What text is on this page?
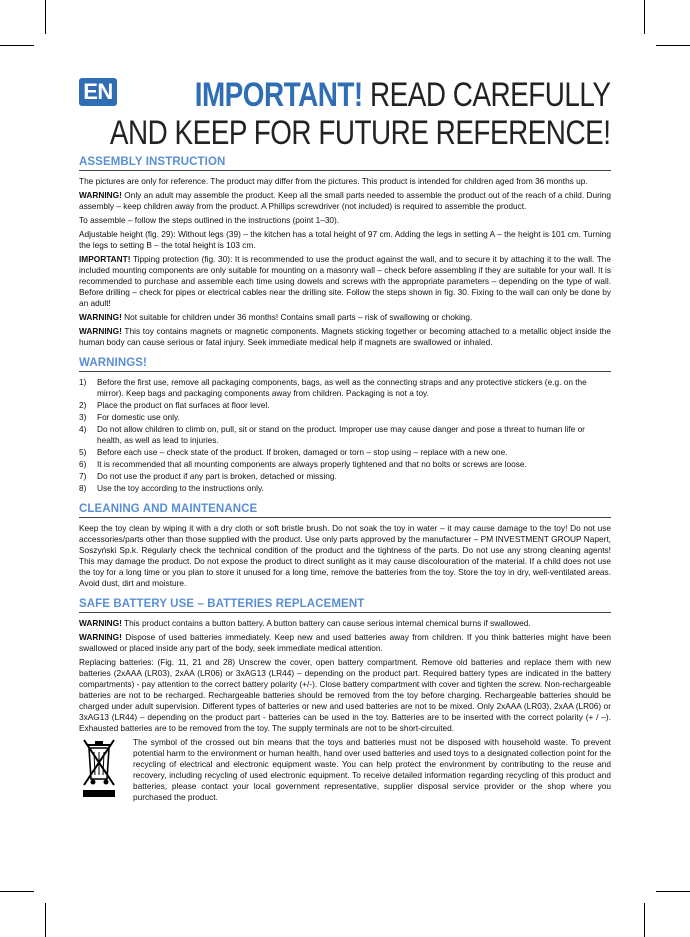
EN	IMPORTANT! READ CAREFULLY
AND KEEP FOR FUTURE REFERENCE!
ASSEMBLY INSTRUCTION

The pictures are only for reference. The product may differ from the pictures. This product is intended for children aged from 36 months up.

WARNING! Only an adult may assemble the product. Keep all the small parts needed to assemble the product out of the reach of a child. During assembly – keep children away from the product. A Phillips screwdriver (not included) is required to assemble the product.

To assemble – follow the steps outlined in the instructions (point 1–30).

Adjustable height (fig. 29): Without legs (39) – the kitchen has a total height of 97 cm. Adding the legs in setting A – the height is 101 cm. Turning the legs to setting B – the total height is 103 cm.

IMPORTANT! Tipping protection (fig. 30): It is recommended to use the product against the wall, and to secure it by attaching it to the wall. The included mounting components are only suitable for mounting on a masonry wall – check before assembling if they are suitable for your wall. It is recommended to purchase and assemble each time using dowels and screws with the appropriate parameters – depending on the type of wall. Before drilling – check for pipes or electrical cables near the drilling site. Follow the steps shown in fig. 30. Fixing to the wall can only be done by an adult!

WARNING! Not suitable for children under 36 months! Contains small parts – risk of swallowing or choking.

WARNING! This toy contains magnets or magnetic components. Magnets sticking together or becoming attached to a metallic object inside the human body can cause serious or fatal injury. Seek immediate medical help if magnets are swallowed or inhaled.

WARNINGS!
1)	Before the first use, remove all packaging components, bags, as well as the connecting straps and any protective stickers (e.g. on the mirror). Keep bags and packaging components away from children. Packaging is not a toy.
2)	Place the product on flat surfaces at floor level.
3)	For domestic use only.
4)	Do not allow children to climb on, pull, sit or stand on the product. Improper use may cause danger and pose a threat to human life or health, as well as lead to injuries.
5)	Before each use – check state of the product. If broken, damaged or torn – stop using – replace with a new one.
6)	It is recommended that all mounting components are always properly tightened and that no bolts or screws are loose.
7)	Do not use the product if any part is broken, detached or missing.
8)	Use the toy according to the instructions only.
CLEANING AND MAINTENANCE

Keep the toy clean by wiping it with a dry cloth or soft bristle brush. Do not soak the toy in water – it may cause damage to the toy! Do not use accessories/parts other than those supplied with the product. Use only parts approved by the manufacturer – PM INVESTMENT GROUP Napert, Soszyński Sp.k. Regularly check the technical condition of the product and the tightness of the parts. Do not use any strong cleaning agents! This may damage the product. Do not expose the product to direct sunlight as it may cause discolouration of the material. If a child does not use the toy for a long time or you plan to store it unused for a long time, remove the batteries from the toy. Store the toy in dry, well-ventilated areas. Avoid dust, dirt and moisture.

SAFE BATTERY USE – BATTERIES REPLACEMENT

WARNING! This product contains a button battery. A button battery can cause serious internal chemical burns if swallowed.

WARNING! Dispose of used batteries immediately. Keep new and used batteries away from children. If you think batteries might have been swallowed or placed inside any part of the body, seek immediate medical attention.

Replacing batteries: (Fig. 11, 21 and 28) Unscrew the cover, open battery compartment. Remove old batteries and replace them with new batteries (2xAAA (LR03), 2xAA (LR06) or 3xAG13 (LR44) – depending on the product part. Required battery types are indicated in the battery compartments) - pay attention to the correct battery polarity (+/-). Close battery compartment with cover and tighten the screw. Non-rechargeable batteries are not to be recharged. Rechargeable batteries should be removed from the toy before charging. Rechargeable batteries should be charged under adult supervision. Different types of batteries or new and used batteries are not to be mixed. Only 2xAAA (LR03), 2xAA (LR06) or 3xAG13 (LR44) – depending on the product part - batteries can be used in the toy. Batteries are to be inserted with the correct polarity (+ / –). Exhausted batteries are to be removed from the toy. The supply terminals are not to be short-circuited.

The symbol of the crossed out bin means that the toys and batteries must not be disposed with household waste. To prevent potential harm to the environment or human health, hand over used batteries and used toys to a designated collection point for the recycling of electrical and electronic equipment waste. You can help protect the environment by contributing to the reuse and recovery, including recycling of used electronic equipment. To receive detailed information regarding recycling of this product and batteries, please contact your local government representative, supplier disposal service provider or the shop where you purchased the product.
